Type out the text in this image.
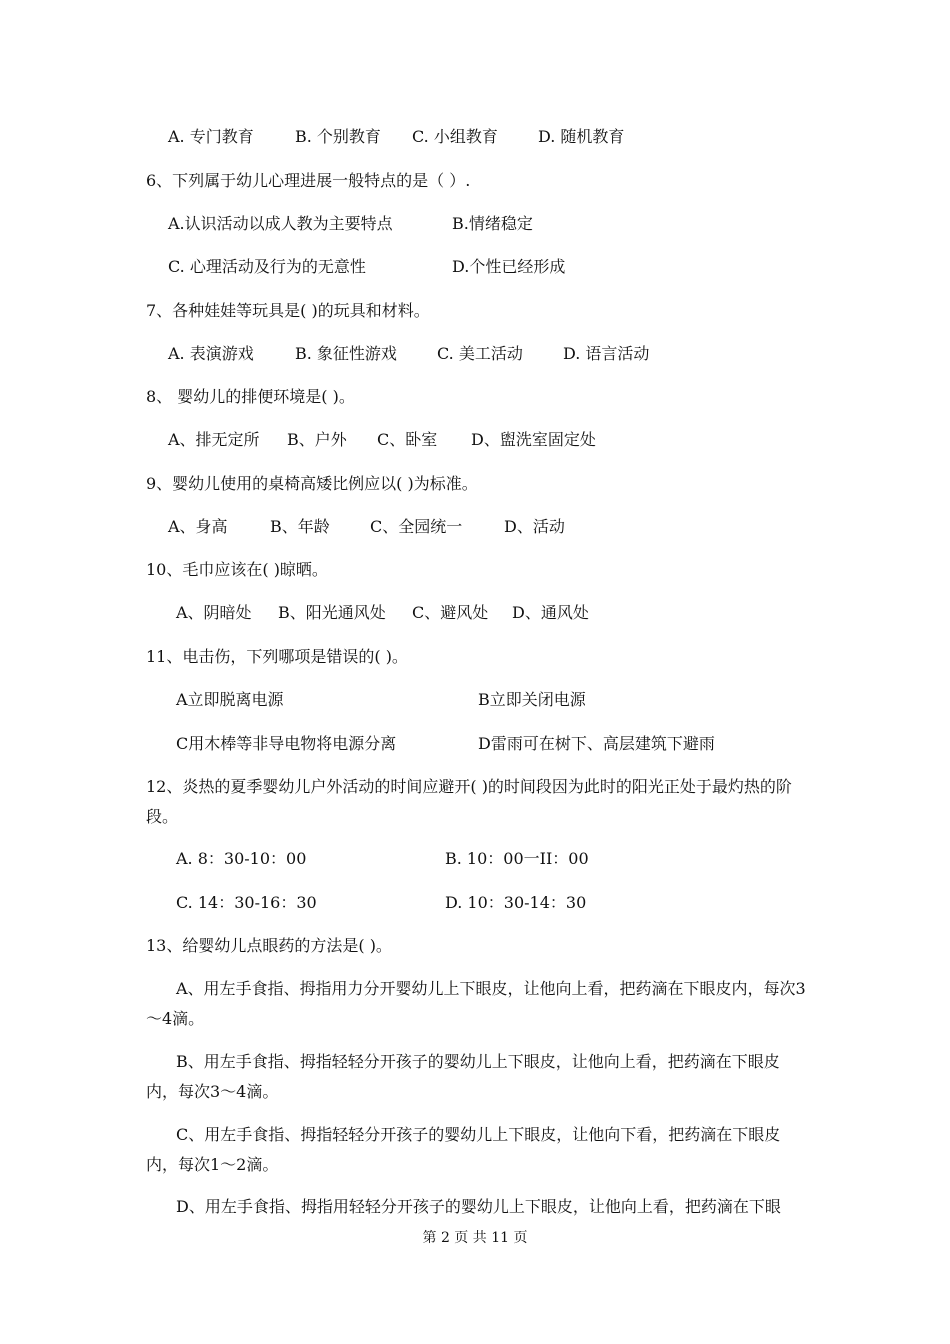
A. 专门教育	B. 个别教育 C. 小组教育	D. 随机教育
6、下列属于幼儿心理进展一般特点的是（ ）.
A.认识活动以成人教为主要特点	B.情绪稳定
C. 心理活动及行为的无意性	D.个性已经形成
7、各种娃娃等玩具是( )的玩具和材料。
A. 表演游戏	B. 象征性游戏	C. 美工活动	D. 语言活动
8、 婴幼儿的排便环境是( )。
A、排无定所 B、户外 C、卧室 D、盥洗室固定处
9、婴幼儿使用的桌椅高矮比例应以( )为标准。
A、身高	B、年龄	C、全园统一	D、活动
10、毛巾应该在( )晾晒。
A、阴暗处 B、阳光通风处 C、避风处 D、通风处
11、电击伤，下列哪项是错误的( )。
A立即脱离电源	B立即关闭电源
C用木棒等非导电物将电源分离	D雷雨可在树下、高层建筑下避雨
12、炎热的夏季婴幼儿户外活动的时间应避开( )的时间段因为此时的阳光正处于最灼热的阶段。
A. 8：30-10：00	B. 10：00一II：00
C. 14：30-16：30	D. 10：30-14：30
13、给婴幼儿点眼药的方法是( )。
A、用左手食指、拇指用力分开婴幼儿上下眼皮，让他向上看，把药滴在下眼皮内，每次3～4滴。
B、用左手食指、拇指轻轻分开孩子的婴幼儿上下眼皮，让他向上看，把药滴在下眼皮内，每次3～4滴。
C、用左手食指、拇指轻轻分开孩子的婴幼儿上下眼皮，让他向下看，把药滴在下眼皮内，每次1～2滴。
D、用左手食指、拇指用轻轻分开孩子的婴幼儿上下眼皮，让他向上看，把药滴在下眼
第 2 页 共 11 页
